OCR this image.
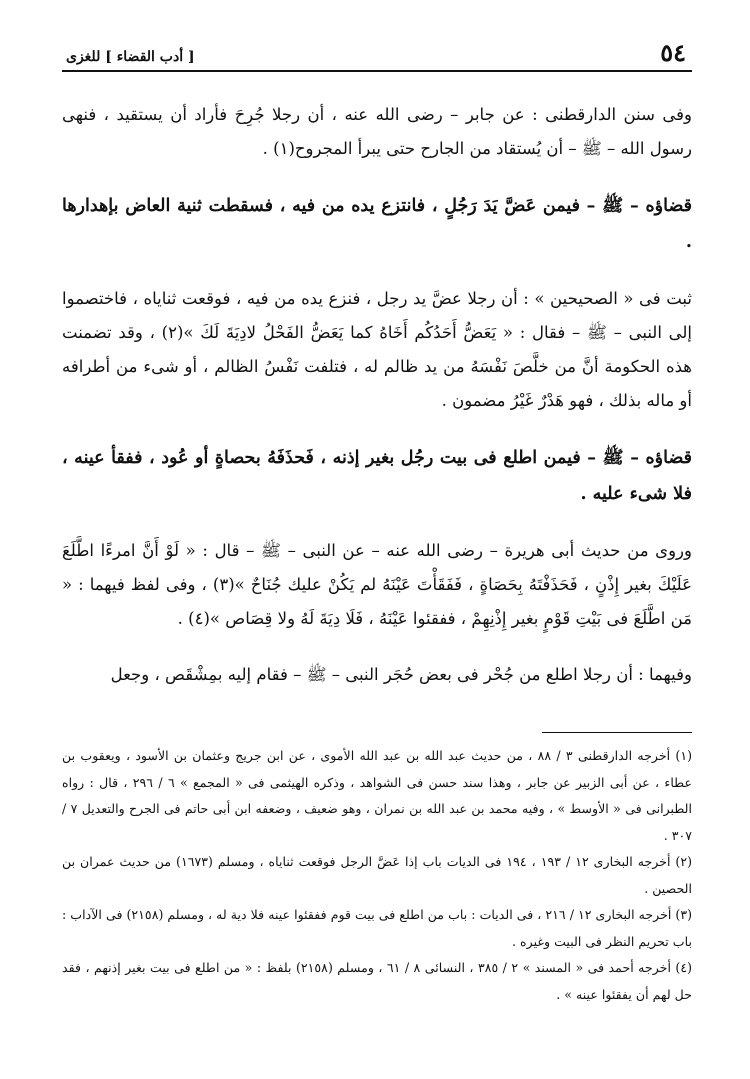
٥٤
[ أدب القضاء ] للغزى

وفى سنن الدارقطنى : عن جابر – رضى الله عنه ، أن رجلا جُرِحَ فأراد أن يستقيد ، فنهى رسول الله – ﷺ – أن يُستقاد من الجارح حتى يبرأ المجروح(١) .

قضاؤه – ﷺ – فيمن عَضَّ يَدَ رَجُلٍ ، فانتزع يده من فيه ، فسقطت ثنية العاض بإهدارها .

ثبت فى « الصحيحين » : أن رجلا عضَّ يد رجل ، فنزع يده من فيه ، فوقعت ثناياه ، فاختصموا إلى النبى – ﷺ – فقال : « يَعَضُّ أَحَدُكُم أَخَاهُ كما يَعَضُّ الفَحْلُ لادِيَةَ لَكَ »(٢) ، وقد تضمنت هذه الحكومة أنَّ من خلَّصَ نَفْسَهُ من يد ظالم له ، فتلفت نَفْسُ الظالم ، أو شىء من أطرافه أو ماله بذلك ، فهو هَدْرٌ غَيْرُ مضمون .

قضاؤه – ﷺ – فيمن اطلع فى بيت رجُل بغير إذنه ، فَحذَفَهُ بحصاةٍ أو عُود ، ففقأ عينه ، فلا شىء عليه .

وروى من حديث أبى هريرة – رضى الله عنه – عن النبى – ﷺ – قال : « لَوْ أَنَّ امرءًا اطَّلَعَ عَلَيْكَ بغير إِذْنٍ ، فَحَذَفْتَهُ بِحَصَاةٍ ، فَفَقَأْتَ عَيْنَهُ لم يَكُنْ عليك جُنَاحٌ »(٣) ، وفى لفظ فيهما : « مَن اطَّلَعَ فى بَيْتِ قَوْمٍ بغير إِذْنِهِمْ ، ففقئوا عَيْنَهُ ، فَلَا دِيَةَ لَهُ ولا قِصَاص »(٤) .

وفيهما : أن رجلا اطلع من جُحْر فى بعض حُجَر النبى – ﷺ – فقام إليه بمِشْقَص ، وجعل

(١) أخرجه الدارقطنى ٣ / ٨٨ ، من حديث عبد الله بن عبد الله الأموى ، عن ابن جريج وعثمان بن الأسود ، ويعقوب بن عطاء ، عن أبى الزبير عن جابر ، وهذا سند حسن فى الشواهد ، وذكره الهيثمى فى « المجمع » ٦ / ٢٩٦ ، قال : رواه الطبرانى فى « الأوسط » ، وفيه محمد بن عبد الله بن نمران ، وهو ضعيف ، وضعفه ابن أبى حاتم فى الجرح والتعديل ٧ / ٣٠٧ .

(٢) أخرجه البخارى ١٢ / ١٩٣ ، ١٩٤ فى الديات باب إذا عَضَّ الرجل فوقعت ثناياه ، ومسلم (١٦٧٣) من حديث عمران بن الحصين .

(٣) أخرجه البخارى ١٢ / ٢١٦ ، فى الديات : باب من اطلع فى بيت قوم ففقئوا عينه فلا دية له ، ومسلم (٢١٥٨) فى الآداب : باب تحريم النظر فى البيت وغيره .

(٤) أخرجه أحمد فى « المسند » ٢ / ٣٨٥ ، النسائى ٨ / ٦١ ، ومسلم (٢١٥٨) بلفظ : « من اطلع فى بيت بغير إذنهم ، فقد حل لهم أن يفقئوا عينه » .
